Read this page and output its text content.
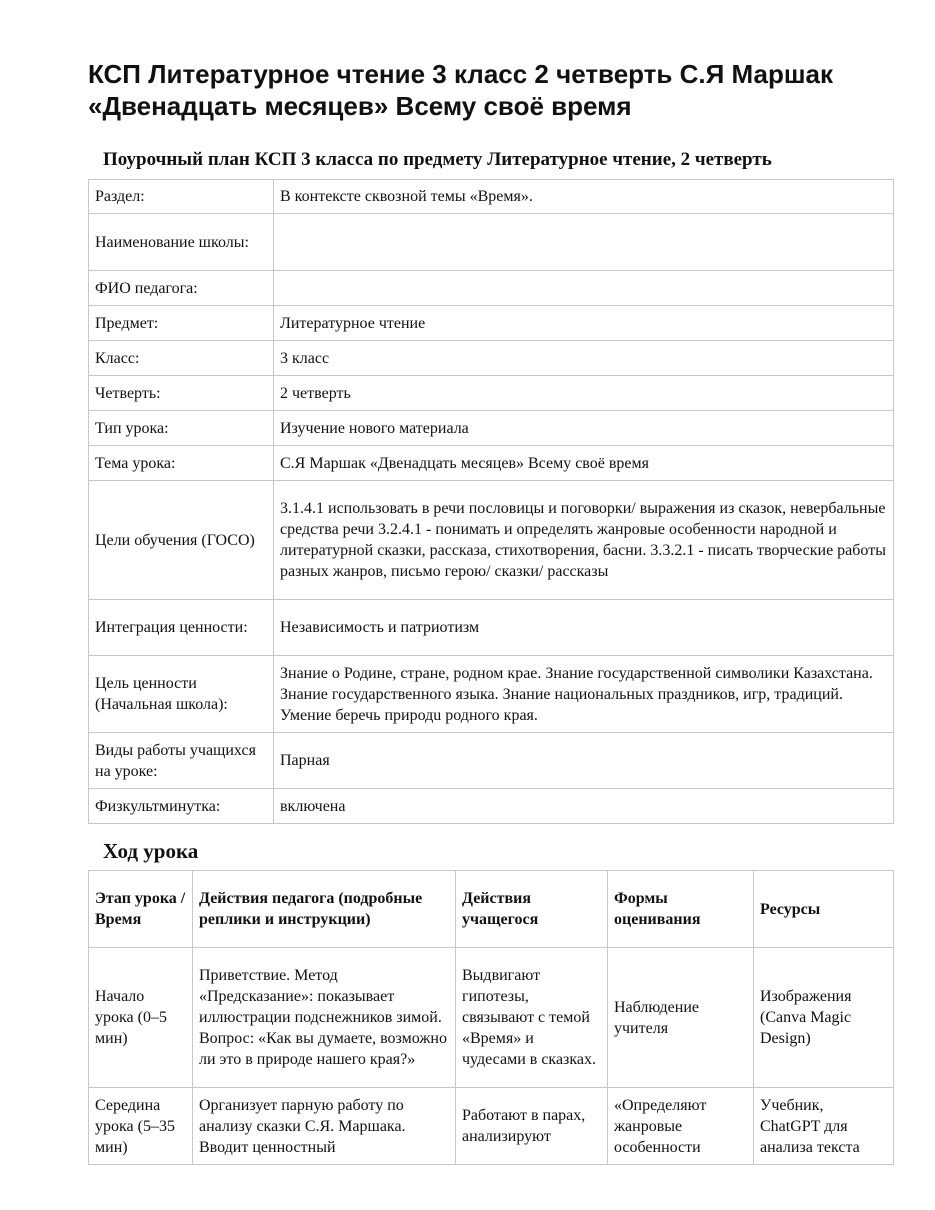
КСП Литературное чтение 3 класс 2 четверть С.Я Маршак «Двенадцать месяцев» Всему своё время

Поурочный план КСП 3 класса по предмету Литературное чтение, 2 четверть

Раздел:	В контексте сквозной темы «Время».
Наименование школы:	
ФИО педагога:	
Предмет:	Литературное чтение
Класс:	3 класс
Четверть:	2 четверть
Тип урока:	Изучение нового материала
Тема урока:	С.Я Маршак «Двенадцать месяцев» Всему своё время
Цели обучения (ГОСО)	3.1.4.1 использовать в речи пословицы и поговорки/ выражения из сказок, невербальные средства речи 3.2.4.1 - понимать и определять жанровые особенности народной и литературной сказки, рассказа, стихотворения, басни. 3.3.2.1 - писать творческие работы разных жанров, письмо герою/ сказки/ рассказы
Интеграция ценности:	Независимость и патриотизм
Цель ценности (Начальная школа):	Знание о Родине, стране, родном крае. Знание государственной символики Казахстана. Знание государственного языка. Знание национальных праздников, игр, традиций. Умение беречь природu родного края.
Виды работы учащихся на уроке:	Парная
Физкультминутка:	включена
Ход урока
Этап урока / Время	Действия педагога (подробные реплики и инструкции)	Действия учащегося	Формы оценивания	Ресурсы
Начало урока (0–5 мин)	Приветствие. Метод «Предсказание»: показывает иллюстрации подснежников зимой. Вопрос: «Как вы думаете, возможно ли это в природе нашего края?»	Выдвигают гипотезы, связывают с темой «Время» и чудесами в сказках.	Наблюдение учителя	Изображения (Canva Magic Design)
Середина урока (5–35 мин)	Организует парную работу по анализу сказки С.Я. Маршака. Вводит ценностный	Работают в парах, анализируют	«Определяют жанровые особенности	Учебник, ChatGPT для анализа текста
